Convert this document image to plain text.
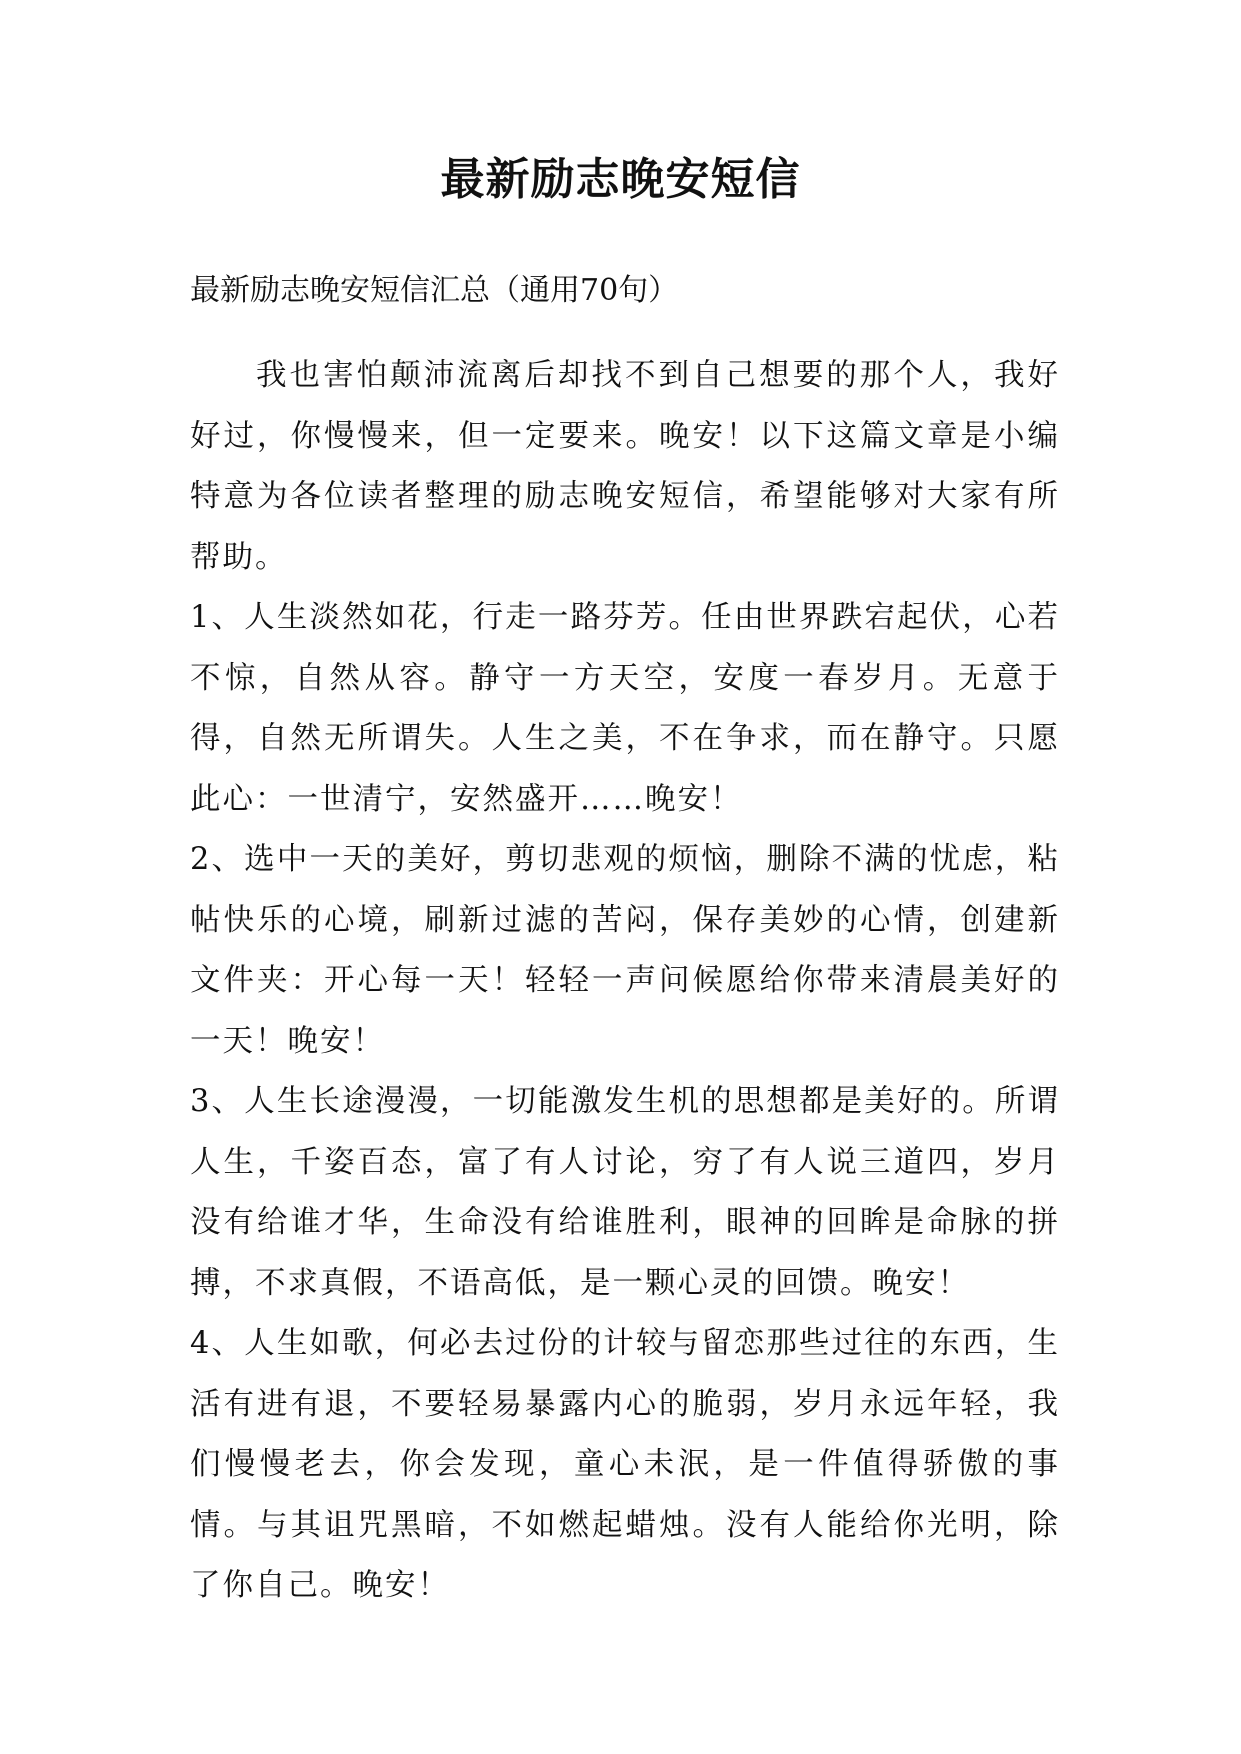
最新励志晚安短信

最新励志晚安短信汇总（通用70句）

我也害怕颠沛流离后却找不到自己想要的那个人，我好好过，你慢慢来，但一定要来。晚安！以下这篇文章是小编特意为各位读者整理的励志晚安短信，希望能够对大家有所帮助。

1、人生淡然如花，行走一路芬芳。任由世界跌宕起伏，心若不惊，自然从容。静守一方天空，安度一春岁月。无意于得，自然无所谓失。人生之美，不在争求，而在静守。只愿此心：一世清宁，安然盛开……晚安！

2、选中一天的美好，剪切悲观的烦恼，删除不满的忧虑，粘帖快乐的心境，刷新过滤的苦闷，保存美妙的心情，创建新文件夹：开心每一天！轻轻一声问候愿给你带来清晨美好的一天！晚安！

3、人生长途漫漫，一切能激发生机的思想都是美好的。所谓人生，千姿百态，富了有人讨论，穷了有人说三道四，岁月没有给谁才华，生命没有给谁胜利，眼神的回眸是命脉的拼搏，不求真假，不语高低，是一颗心灵的回馈。晚安！

4、人生如歌，何必去过份的计较与留恋那些过往的东西，生活有进有退，不要轻易暴露内心的脆弱，岁月永远年轻，我们慢慢老去，你会发现，童心未泯，是一件值得骄傲的事情。与其诅咒黑暗，不如燃起蜡烛。没有人能给你光明，除了你自己。晚安！
